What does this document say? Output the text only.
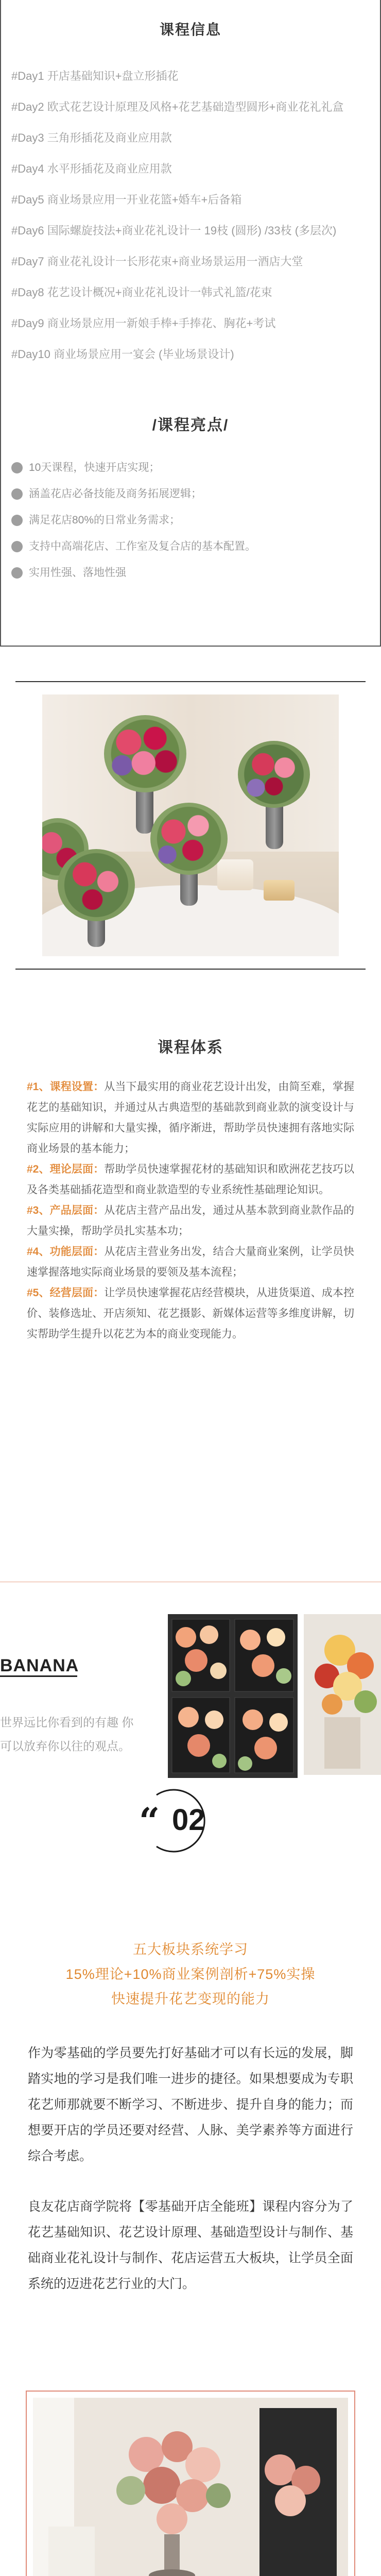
课程信息

#Day1 开店基础知识+盘立形插花

#Day2 欧式花艺设计原理及风格+花艺基础造型圆形+商业花礼礼盒

#Day3 三角形插花及商业应用款

#Day4 水平形插花及商业应用款

#Day5 商业场景应用一开业花篮+婚车+后备箱

#Day6 国际螺旋技法+商业花礼设计一 19枝 (圆形) /33枝 (多层次)

#Day7 商业花礼设计一长形花束+商业场景运用一酒店大堂

#Day8 花艺设计概况+商业花礼设计一韩式礼篮/花束

#Day9 商业场景应用一新娘手棒+手捧花、胸花+考试

#Day10 商业场景应用一宴会 (毕业场景设计)

/课程亮点/
10天课程，快速开店实现；
涵盖花店必备技能及商务拓展逻辑；
满足花店80%的日常业务需求；
支持中高端花店、工作室及复合店的基本配置。
实用性强、落地性强
课程体系

#1、课程设置：从当下最实用的商业花艺设计出发，由简至难，掌握花艺的基础知识，并通过从古典造型的基础款到商业款的演变设计与实际应用的讲解和大量实操，循序渐进，帮助学员快速拥有落地实际商业场景的基本能力；

#2、理论层面：帮助学员快速掌握花材的基础知识和欧洲花艺技巧以及各类基础插花造型和商业款造型的专业系统性基础理论知识。

#3、产品层面：从花店主营产品出发，通过从基本款到商业款作品的大量实操，帮助学员扎实基本功；

#4、功能层面：从花店主营业务出发，结合大量商业案例，让学员快速掌握落地实际商业场景的要领及基本流程；

#5、经营层面：让学员快速掌握花店经营模块，从进货渠道、成本控价、装修选址、开店须知、花艺摄影、新媒体运营等多维度讲解，切实帮助学生提升以花艺为本的商业变现能力。

BANANA

世界远比你看到的有趣 你可以放弃你以往的观点。

“ 02

五大板块系统学习

15%理论+10%商业案例剖析+75%实操

快速提升花艺变现的能力

作为零基础的学员要先打好基础才可以有长远的发展，脚踏实地的学习是我们唯一进步的捷径。如果想要成为专职花艺师那就要不断学习、不断进步、提升自身的能力；而想要开店的学员还要对经营、人脉、美学素养等方面进行综合考虑。

良友花店商学院将【零基础开店全能班】课程内容分为了花艺基础知识、花艺设计原理、基础造型设计与制作、基础商业花礼设计与制作、花店运营五大板块，让学员全面系统的迈进花艺行业的大门。
